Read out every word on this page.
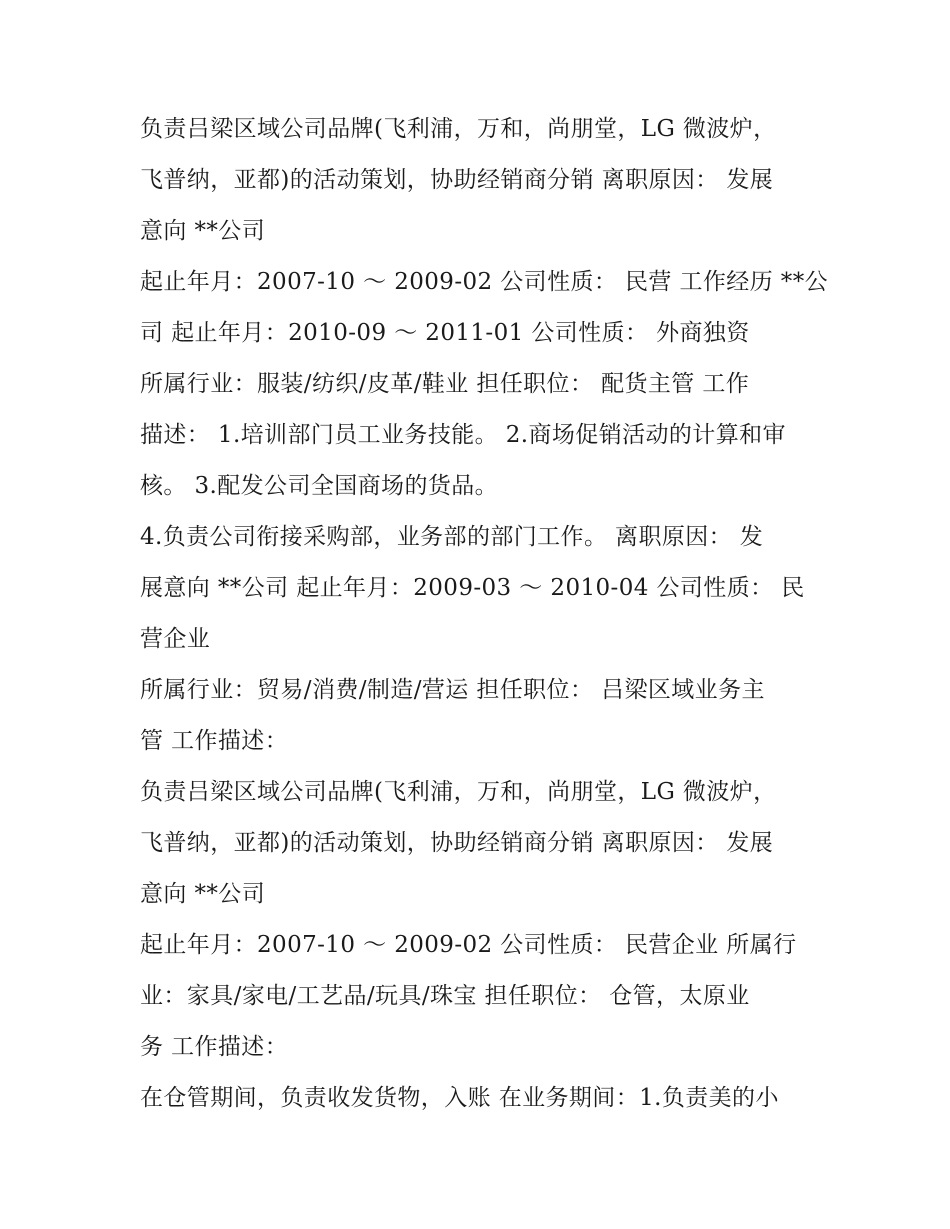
负责吕梁区域公司品牌(飞利浦，万和，尚朋堂，LG 微波炉，
飞普纳，亚都)的活动策划，协助经销商分销 离职原因： 发展
意向 **公司
起止年月：2007-10 ～ 2009-02 公司性质： 民营 工作经历 **公
司 起止年月：2010-09 ～ 2011-01 公司性质： 外商独资
所属行业：服装/纺织/皮革/鞋业 担任职位： 配货主管 工作
描述： 1.培训部门员工业务技能。 2.商场促销活动的计算和审
核。 3.配发公司全国商场的货品。
4.负责公司衔接采购部，业务部的部门工作。 离职原因： 发
展意向 **公司 起止年月：2009-03 ～ 2010-04 公司性质： 民
营企业
所属行业：贸易/消费/制造/营运 担任职位： 吕梁区域业务主
管 工作描述：
负责吕梁区域公司品牌(飞利浦，万和，尚朋堂，LG 微波炉，
飞普纳，亚都)的活动策划，协助经销商分销 离职原因： 发展
意向 **公司
起止年月：2007-10 ～ 2009-02 公司性质： 民营企业 所属行
业：家具/家电/工艺品/玩具/珠宝 担任职位： 仓管，太原业
务 工作描述：
在仓管期间，负责收发货物，入账 在业务期间：1.负责美的小
